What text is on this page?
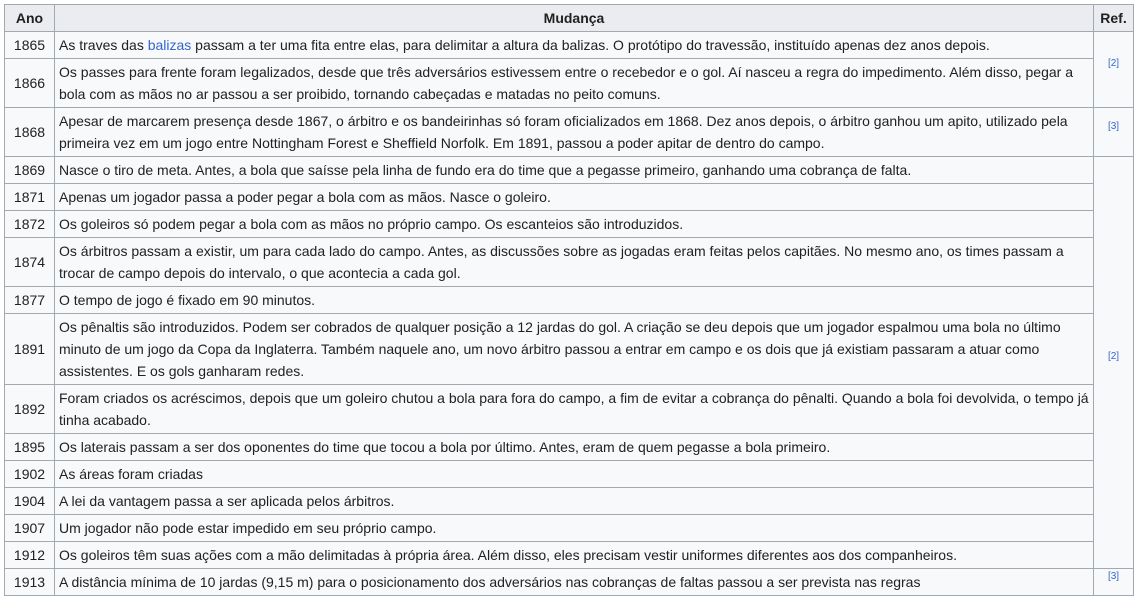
Ano	Mudança	Ref.
1865	As traves das balizas passam a ter uma fita entre elas, para delimitar a altura da balizas. O protótipo do travessão, instituído apenas dez anos depois.	[2]
1866	Os passes para frente foram legalizados, desde que três adversários estivessem entre o recebedor e o gol. Aí nasceu a regra do impedimento. Além disso, pegar a bola com as mãos no ar passou a ser proibido, tornando cabeçadas e matadas no peito comuns.	
1868	Apesar de marcarem presença desde 1867, o árbitro e os bandeirinhas só foram oficializados em 1868. Dez anos depois, o árbitro ganhou um apito, utilizado pela primeira vez em um jogo entre Nottingham Forest e Sheffield Norfolk. Em 1891, passou a poder apitar de dentro do campo.	[3]
1869	Nasce o tiro de meta. Antes, a bola que saísse pela linha de fundo era do time que a pegasse primeiro, ganhando uma cobrança de falta.	[2]
1871	Apenas um jogador passa a poder pegar a bola com as mãos. Nasce o goleiro.	
1872	Os goleiros só podem pegar a bola com as mãos no próprio campo. Os escanteios são introduzidos.	
1874	Os árbitros passam a existir, um para cada lado do campo. Antes, as discussões sobre as jogadas eram feitas pelos capitães. No mesmo ano, os times passam a trocar de campo depois do intervalo, o que acontecia a cada gol.	
1877	O tempo de jogo é fixado em 90 minutos.	
1891	Os pênaltis são introduzidos. Podem ser cobrados de qualquer posição a 12 jardas do gol. A criação se deu depois que um jogador espalmou uma bola no último minuto de um jogo da Copa da Inglaterra. Também naquele ano, um novo árbitro passou a entrar em campo e os dois que já existiam passaram a atuar como assistentes. E os gols ganharam redes.	
1892	Foram criados os acréscimos, depois que um goleiro chutou a bola para fora do campo, a fim de evitar a cobrança do pênalti. Quando a bola foi devolvida, o tempo já tinha acabado.	
1895	Os laterais passam a ser dos oponentes do time que tocou a bola por último. Antes, eram de quem pegasse a bola primeiro.	
1902	As áreas foram criadas	
1904	A lei da vantagem passa a ser aplicada pelos árbitros.	
1907	Um jogador não pode estar impedido em seu próprio campo.	
1912	Os goleiros têm suas ações com a mão delimitadas à própria área. Além disso, eles precisam vestir uniformes diferentes aos dos companheiros.	
1913	A distância mínima de 10 jardas (9,15 m) para o posicionamento dos adversários nas cobranças de faltas passou a ser prevista nas regras	[3]
